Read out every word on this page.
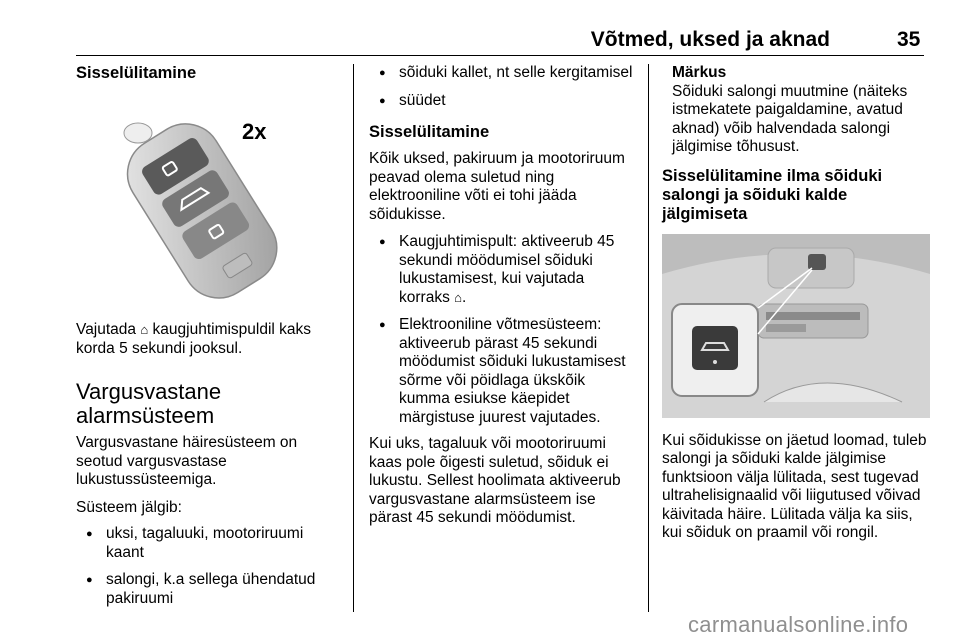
Võtmed, uksed ja aknad	35

Sisselülitamine

2x

Vajutada ⌂ kaugjuhtimispuldil kaks korda 5 sekundi jooksul.

Vargusvastane alarmsüsteem

Vargusvastane häiresüsteem on seotud vargusvastase lukustussüsteemiga.

Süsteem jälgib:

● uksi, tagaluuki, mootoriruumi kaant
● salongi, k.a sellega ühendatud pakiruumi
● sõiduki kallet, nt selle kergitamisel
● süüdet

Sisselülitamine

Kõik uksed, pakiruum ja mootoriruum peavad olema suletud ning elektrooniline võti ei tohi jääda sõidukisse.

● Kaugjuhtimispult: aktiveerub 45 sekundi möödumisel sõiduki lukustamisest, kui vajutada korraks ⌂.
● Elektrooniline võtmesüsteem: aktiveerub pärast 45 sekundi möödumist sõiduki lukustamisest sõrme või pöidlaga ükskõik kumma esiukse käepidet märgistuse juurest vajutades.

Kui uks, tagaluuk või mootoriruumi kaas pole õigesti suletud, sõiduk ei lukustu. Sellest hoolimata aktiveerub vargusvastane alarmsüsteem ise pärast 45 sekundi möödumist.

Märkus

Sõiduki salongi muutmine (näiteks istmekatete paigaldamine, avatud aknad) võib halvendada salongi jälgimise tõhusust.

Sisselülitamine ilma sõiduki salongi ja sõiduki kalde jälgimiseta

Kui sõidukisse on jäetud loomad, tuleb salongi ja sõiduki kalde jälgimise funktsioon välja lülitada, sest tugevad ultrahelisignaalid või liigutused võivad käivitada häire. Lülitada välja ka siis, kui sõiduk on praamil või rongil.

carmanualsonline.info
